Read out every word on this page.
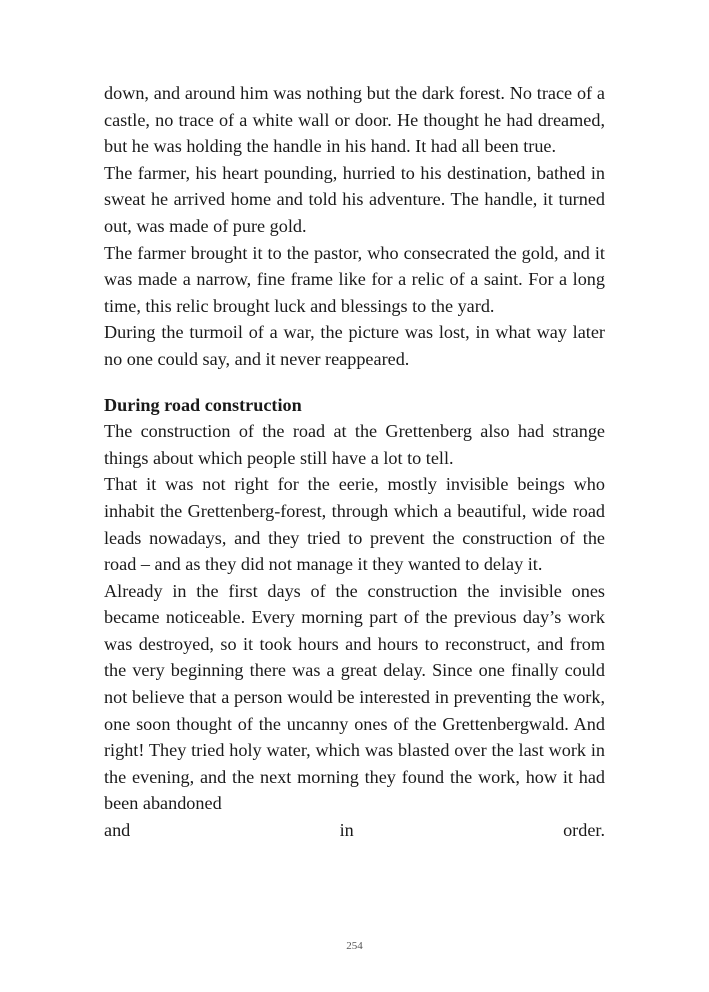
down, and around him was nothing but the dark forest. No trace of a castle, no trace of a white wall or door. He thought he had dreamed, but he was holding the handle in his hand. It had all been true.

The farmer, his heart pounding, hurried to his destination, bathed in sweat he arrived home and told his adventure. The handle, it turned out, was made of pure gold.

The farmer brought it to the pastor, who consecrated the gold, and it was made a narrow, fine frame like for a relic of a saint. For a long time, this relic brought luck and blessings to the yard.

During the turmoil of a war, the picture was lost, in what way later no one could say, and it never reappeared.

During road construction

The construction of the road at the Grettenberg also had strange things about which people still have a lot to tell.

That it was not right for the eerie, mostly invisible beings who inhabit the Grettenberg-forest, through which a beautiful, wide road leads nowadays, and they tried to prevent the construction of the road – and as they did not manage it they wanted to delay it.

Already in the first days of the construction the invisible ones became noticeable. Every morning part of the previous day’s work was destroyed, so it took hours and hours to reconstruct, and from the very beginning there was a great delay. Since one finally could not believe that a person would be interested in preventing the work, one soon thought of the uncanny ones of the Grettenbergwald. And right! They tried holy water, which was blasted over the last work in the evening, and the next morning they found the work, how it had been abandoned

and	in	order.
254
